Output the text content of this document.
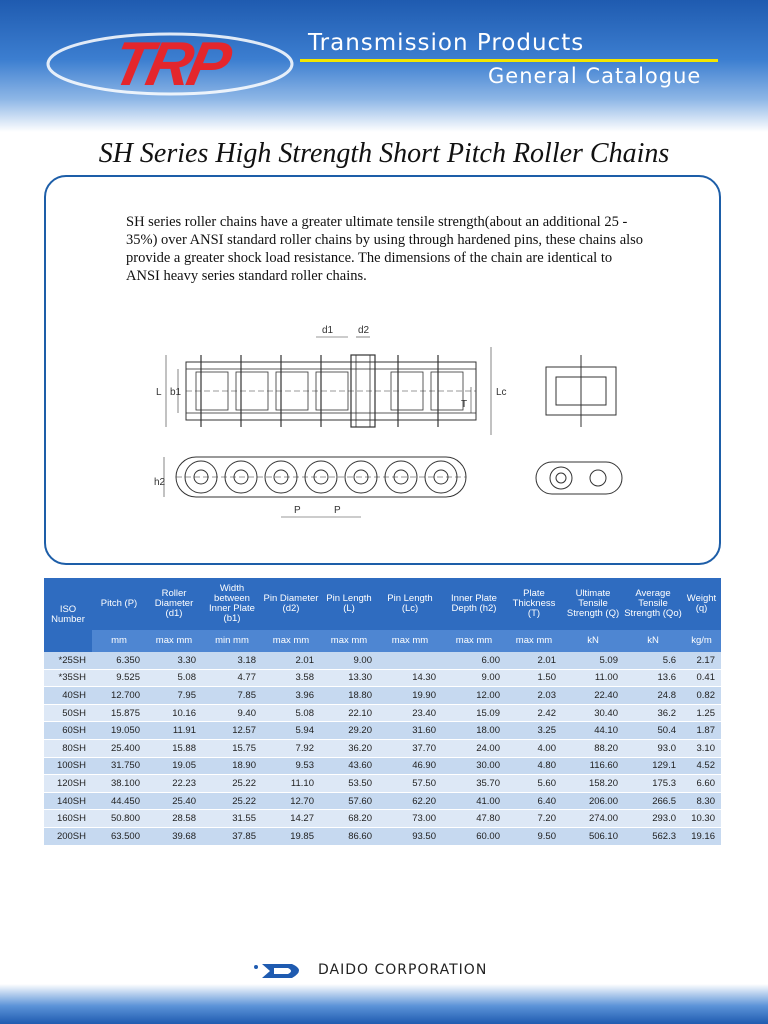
TRP	Transmission Products
General Catalogue
SH Series High Strength Short Pitch Roller Chains
SH series roller chains have a greater ultimate tensile strength(about an additional 25 - 35%) over ANSI standard roller chains by using through hardened pins, these chains also provide a greater shock load resistance. The dimensions of the chain are identical to ANSI heavy series standard roller chains.
d1 d2
L b1	Lc
T
h2
P	P
ISO Number	Pitch (P)	Roller Diameter (d1)	Width between Inner Plate (b1)	Pin Diameter (d2)	Pin Length (L)	Pin Length (Lc)	Inner Plate Depth (h2)	Plate Thickness (T)	Ultimate Tensile Strength (Q)	Average Tensile Strength (Qo)	Weight (q)
	mm	max mm	min mm	max mm	max mm	max mm	max mm	max mm	kN	kN	kg/m
*25SH	6.350	3.30	3.18	2.01	9.00		6.00	2.01	5.09	5.6	2.17
*35SH	9.525	5.08	4.77	3.58	13.30	14.30	9.00	1.50	11.00	13.6	0.41
40SH	12.700	7.95	7.85	3.96	18.80	19.90	12.00	2.03	22.40	24.8	0.82
50SH	15.875	10.16	9.40	5.08	22.10	23.40	15.09	2.42	30.40	36.2	1.25
60SH	19.050	11.91	12.57	5.94	29.20	31.60	18.00	3.25	44.10	50.4	1.87
80SH	25.400	15.88	15.75	7.92	36.20	37.70	24.00	4.00	88.20	93.0	3.10
100SH	31.750	19.05	18.90	9.53	43.60	46.90	30.00	4.80	116.60	129.1	4.52
120SH	38.100	22.23	25.22	11.10	53.50	57.50	35.70	5.60	158.20	175.3	6.60
140SH	44.450	25.40	25.22	12.70	57.60	62.20	41.00	6.40	206.00	266.5	8.30
160SH	50.800	28.58	31.55	14.27	68.20	73.00	47.80	7.20	274.00	293.0	10.30
200SH	63.500	39.68	37.85	19.85	86.60	93.50	60.00	9.50	506.10	562.3	19.16
DAIDO CORPORATION
